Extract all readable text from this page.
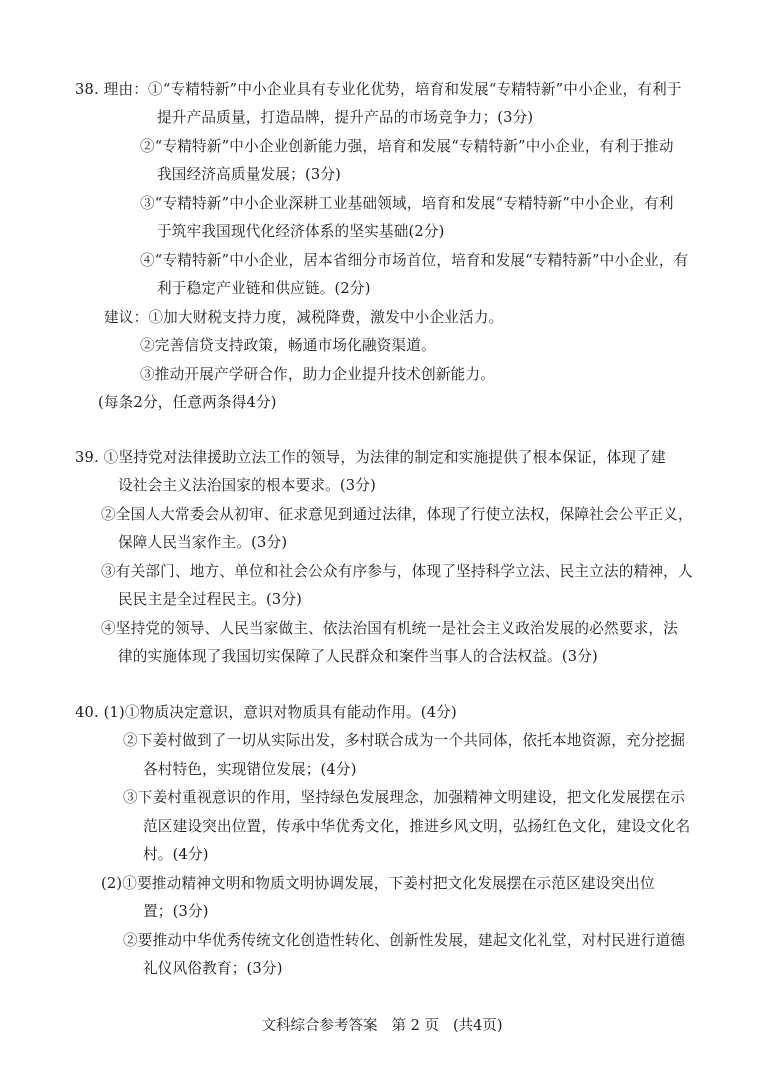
38. 理由：①“专精特新”中小企业具有专业化优势，培育和发展“专精特新”中小企业，有利于
提升产品质量，打造品牌，提升产品的市场竞争力；(3分)
②“专精特新”中小企业创新能力强，培育和发展“专精特新”中小企业，有利于推动
我国经济高质量发展；(3分)
③“专精特新”中小企业深耕工业基础领域，培育和发展“专精特新”中小企业，有利
于筑牢我国现代化经济体系的坚实基础(2分)
④“专精特新”中小企业，居本省细分市场首位，培育和发展“专精特新”中小企业，有
利于稳定产业链和供应链。(2分)
建议：①加大财税支持力度，减税降费，激发中小企业活力。
②完善信贷支持政策，畅通市场化融资渠道。
③推动开展产学研合作，助力企业提升技术创新能力。
(每条2分，任意两条得4分)
39. ①坚持党对法律援助立法工作的领导，为法律的制定和实施提供了根本保证，体现了建
设社会主义法治国家的根本要求。(3分)
②全国人大常委会从初审、征求意见到通过法律，体现了行使立法权，保障社会公平正义，
保障人民当家作主。(3分)
③有关部门、地方、单位和社会公众有序参与，体现了坚持科学立法、民主立法的精神，人
民民主是全过程民主。(3分)
④坚持党的领导、人民当家做主、依法治国有机统一是社会主义政治发展的必然要求，法
律的实施体现了我国切实保障了人民群众和案件当事人的合法权益。(3分)
40. (1)①物质决定意识，意识对物质具有能动作用。(4分)
②下姜村做到了一切从实际出发，多村联合成为一个共同体，依托本地资源，充分挖掘
各村特色，实现错位发展；(4分)
③下姜村重视意识的作用，坚持绿色发展理念，加强精神文明建设，把文化发展摆在示
范区建设突出位置，传承中华优秀文化，推进乡风文明，弘扬红色文化，建设文化名
村。(4分)
(2)①要推动精神文明和物质文明协调发展，下姜村把文化发展摆在示范区建设突出位
置；(3分)
②要推动中华优秀传统文化创造性转化、创新性发展，建起文化礼堂，对村民进行道德
礼仪风俗教育；(3分)
文科综合参考答案 第 2 页 (共4页)
